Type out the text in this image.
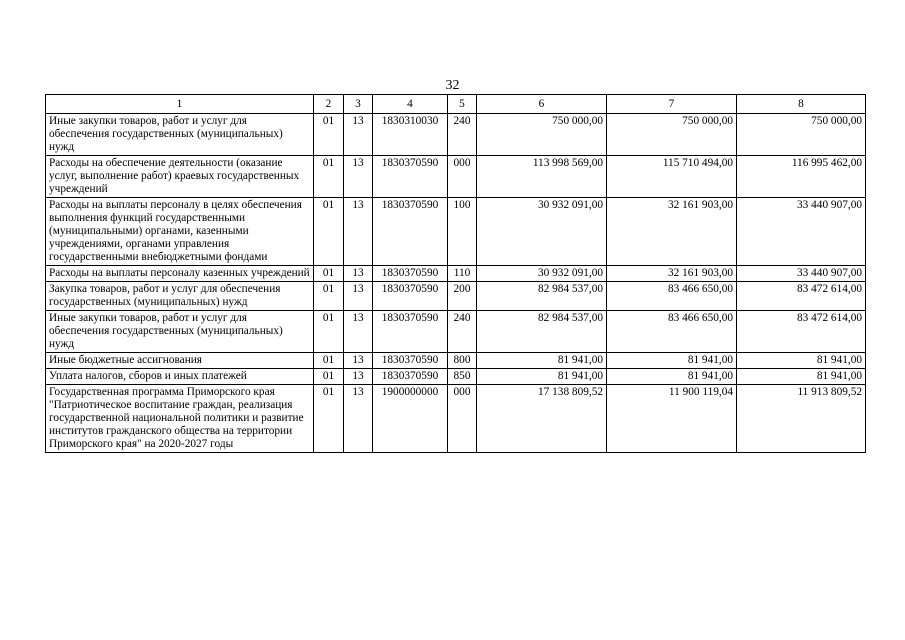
32
1	2	3	4	5	6	7	8
Иные закупки товаров, работ и услуг для обеспечения государственных (муниципальных) нужд	01	13	1830310030	240	750 000,00	750 000,00	750 000,00
Расходы на обеспечение деятельности (оказание услуг, выполнение работ) краевых государственных учреждений	01	13	1830370590	000	113 998 569,00	115 710 494,00	116 995 462,00
Расходы на выплаты персоналу в целях обеспечения выполнения функций государственными (муниципальными) органами, казенными учреждениями, органами управления государственными внебюджетными фондами	01	13	1830370590	100	30 932 091,00	32 161 903,00	33 440 907,00
Расходы на выплаты персоналу казенных учреждений	01	13	1830370590	110	30 932 091,00	32 161 903,00	33 440 907,00
Закупка товаров, работ и услуг для обеспечения государственных (муниципальных) нужд	01	13	1830370590	200	82 984 537,00	83 466 650,00	83 472 614,00
Иные закупки товаров, работ и услуг для обеспечения государственных (муниципальных) нужд	01	13	1830370590	240	82 984 537,00	83 466 650,00	83 472 614,00
Иные бюджетные ассигнования	01	13	1830370590	800	81 941,00	81 941,00	81 941,00
Уплата налогов, сборов и иных платежей	01	13	1830370590	850	81 941,00	81 941,00	81 941,00
Государственная программа Приморского края "Патриотическое воспитание граждан, реализация государственной национальной политики и развитие институтов гражданского общества на территории Приморского края" на 2020-2027 годы	01	13	1900000000	000	17 138 809,52	11 900 119,04	11 913 809,52
